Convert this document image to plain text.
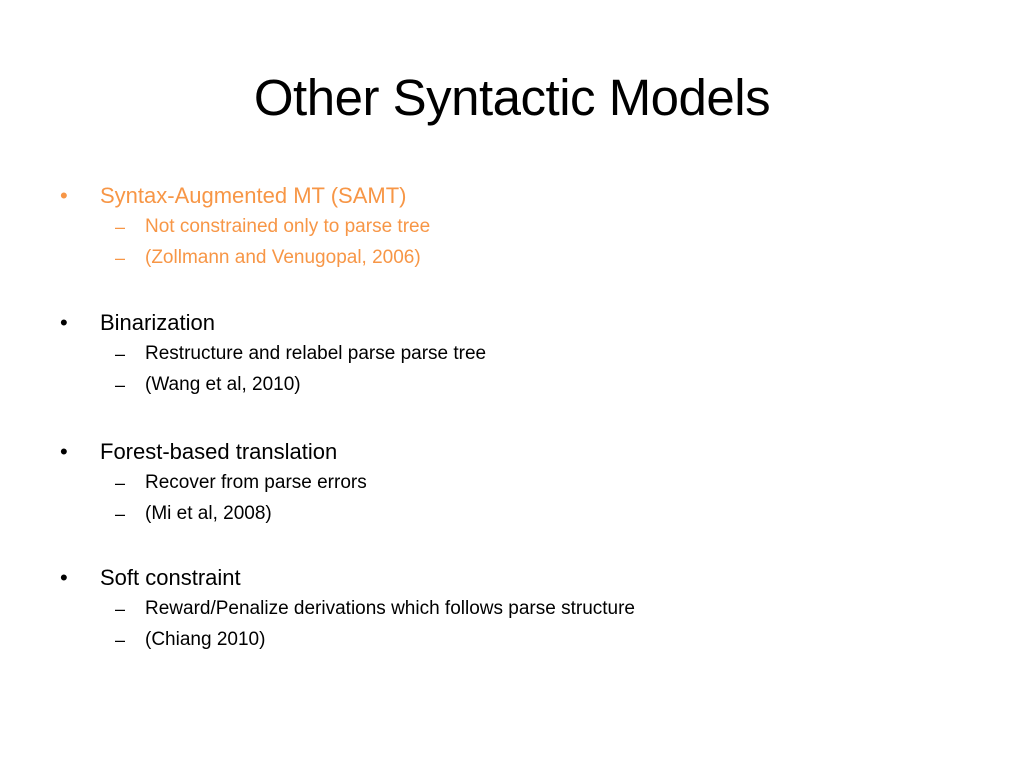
Other Syntactic Models
• Syntax-Augmented MT (SAMT)
– Not constrained only to parse tree
– (Zollmann and Venugopal, 2006)
• Binarization
– Restructure and relabel parse parse tree
– (Wang et al, 2010)
• Forest-based translation
– Recover from parse errors
– (Mi et al, 2008)
• Soft constraint
– Reward/Penalize derivations which follows parse structure
– (Chiang 2010)
